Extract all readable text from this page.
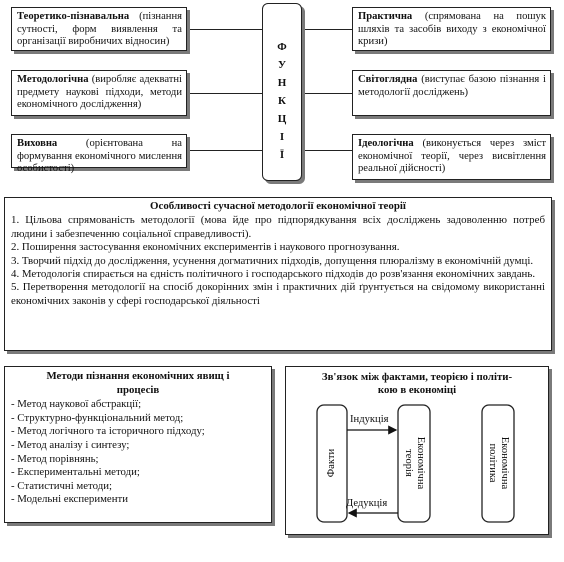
Ф
У
Н
К
Ц
І
Ї
Теоретико-пізнавальна (пізнання сутності, форм виявлення та організації виробничих відносин)
Методологічна (виробляє адекватні предмету наукові підходи, методи економічного дослідження)
Виховна (орієнтована на формування економічного мислення особистості)
Практична (спрямована на пошук шляхів та засобів виходу з економічної кризи)
Світоглядна (виступає базою пізнання і методології досліджень)
Ідеологічна (виконується через зміст економічної теорії, через висвітлення реальної дійсності)
Особливості сучасної методології економічної теорії
1. Цільова спрямованість методології (мова йде про підпорядкування всіх досліджень задоволенню потреб людини і забезпеченню соціальної справедливості).
2. Поширення застосування економічних експериментів і наукового прогнозування.
3. Творчий підхід до дослідження, усунення догматичних підходів, допущення плюралізму в економічній думці.
4. Методологія спирається на єдність політичного і господарського підходів до розв'язання економічних завдань.
5. Перетворення методології на спосіб докорінних змін і практичних дій ґрунтується на свідомому використанні економічних законів у сфері господарської діяльності
Методи пізнання економічних явищ і
процесів
- Метод наукової абстракції;
- Структурно-функціональний метод;
- Метод логічного та історичного підходу;
- Метод аналізу і синтезу;
- Метод порівнянь;
- Експериментальні методи;
- Статистичні методи;
- Модельні експерименти
Зв'язок між фактами, теорією і політи-
кою в економіці
Індукція
Дедукція
Факти	Економічна
теорія	Економічна
політика
